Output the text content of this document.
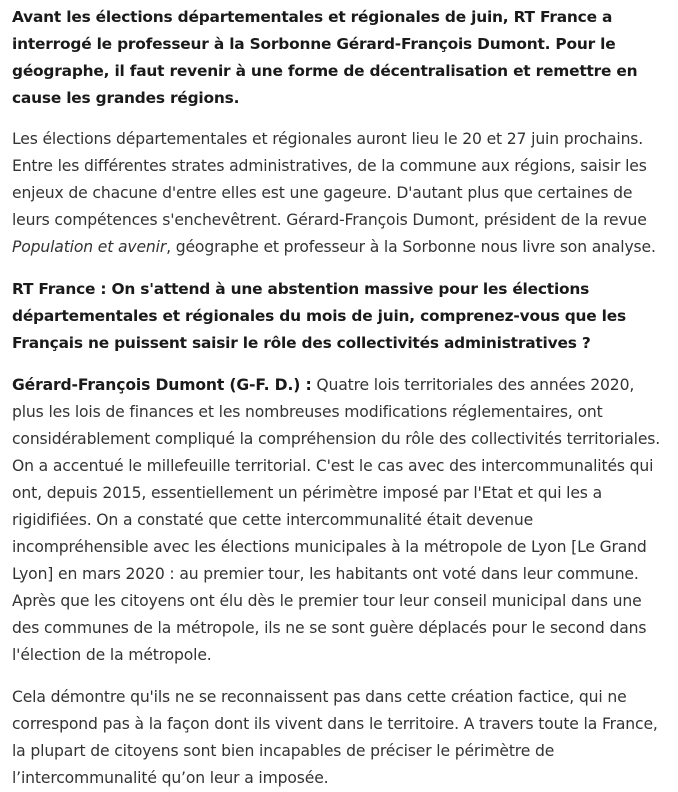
Avant les élections départementales et régionales de juin, RT France a interrogé le professeur à la Sorbonne Gérard-François Dumont. Pour le géographe, il faut revenir à une forme de décentralisation et remettre en cause les grandes régions.

Les élections départementales et régionales auront lieu le 20 et 27 juin prochains. Entre les différentes strates administratives, de la commune aux régions, saisir les enjeux de chacune d'entre elles est une gageure. D'autant plus que certaines de leurs compétences s'enchevêtrent. Gérard-François Dumont, président de la revue Population et avenir, géographe et professeur à la Sorbonne nous livre son analyse.

RT France : On s'attend à une abstention massive pour les élections départementales et régionales du mois de juin, comprenez-vous que les Français ne puissent saisir le rôle des collectivités administratives ?

Gérard-François Dumont (G-F. D.) : Quatre lois territoriales des années 2020, plus les lois de finances et les nombreuses modifications réglementaires, ont considérablement compliqué la compréhension du rôle des collectivités territoriales. On a accentué le millefeuille territorial. C'est le cas avec des intercommunalités qui ont, depuis 2015, essentiellement un périmètre imposé par l'Etat et qui les a rigidifiées. On a constaté que cette intercommunalité était devenue incompréhensible avec les élections municipales à la métropole de Lyon [Le Grand Lyon] en mars 2020 : au premier tour, les habitants ont voté dans leur commune. Après que les citoyens ont élu dès le premier tour leur conseil municipal dans une des communes de la métropole, ils ne se sont guère déplacés pour le second dans l'élection de la métropole.

Cela démontre qu'ils ne se reconnaissent pas dans cette création factice, qui ne correspond pas à la façon dont ils vivent dans le territoire. A travers toute la France, la plupart de citoyens sont bien incapables de préciser le périmètre de l’intercommunalité qu’on leur a imposée.
